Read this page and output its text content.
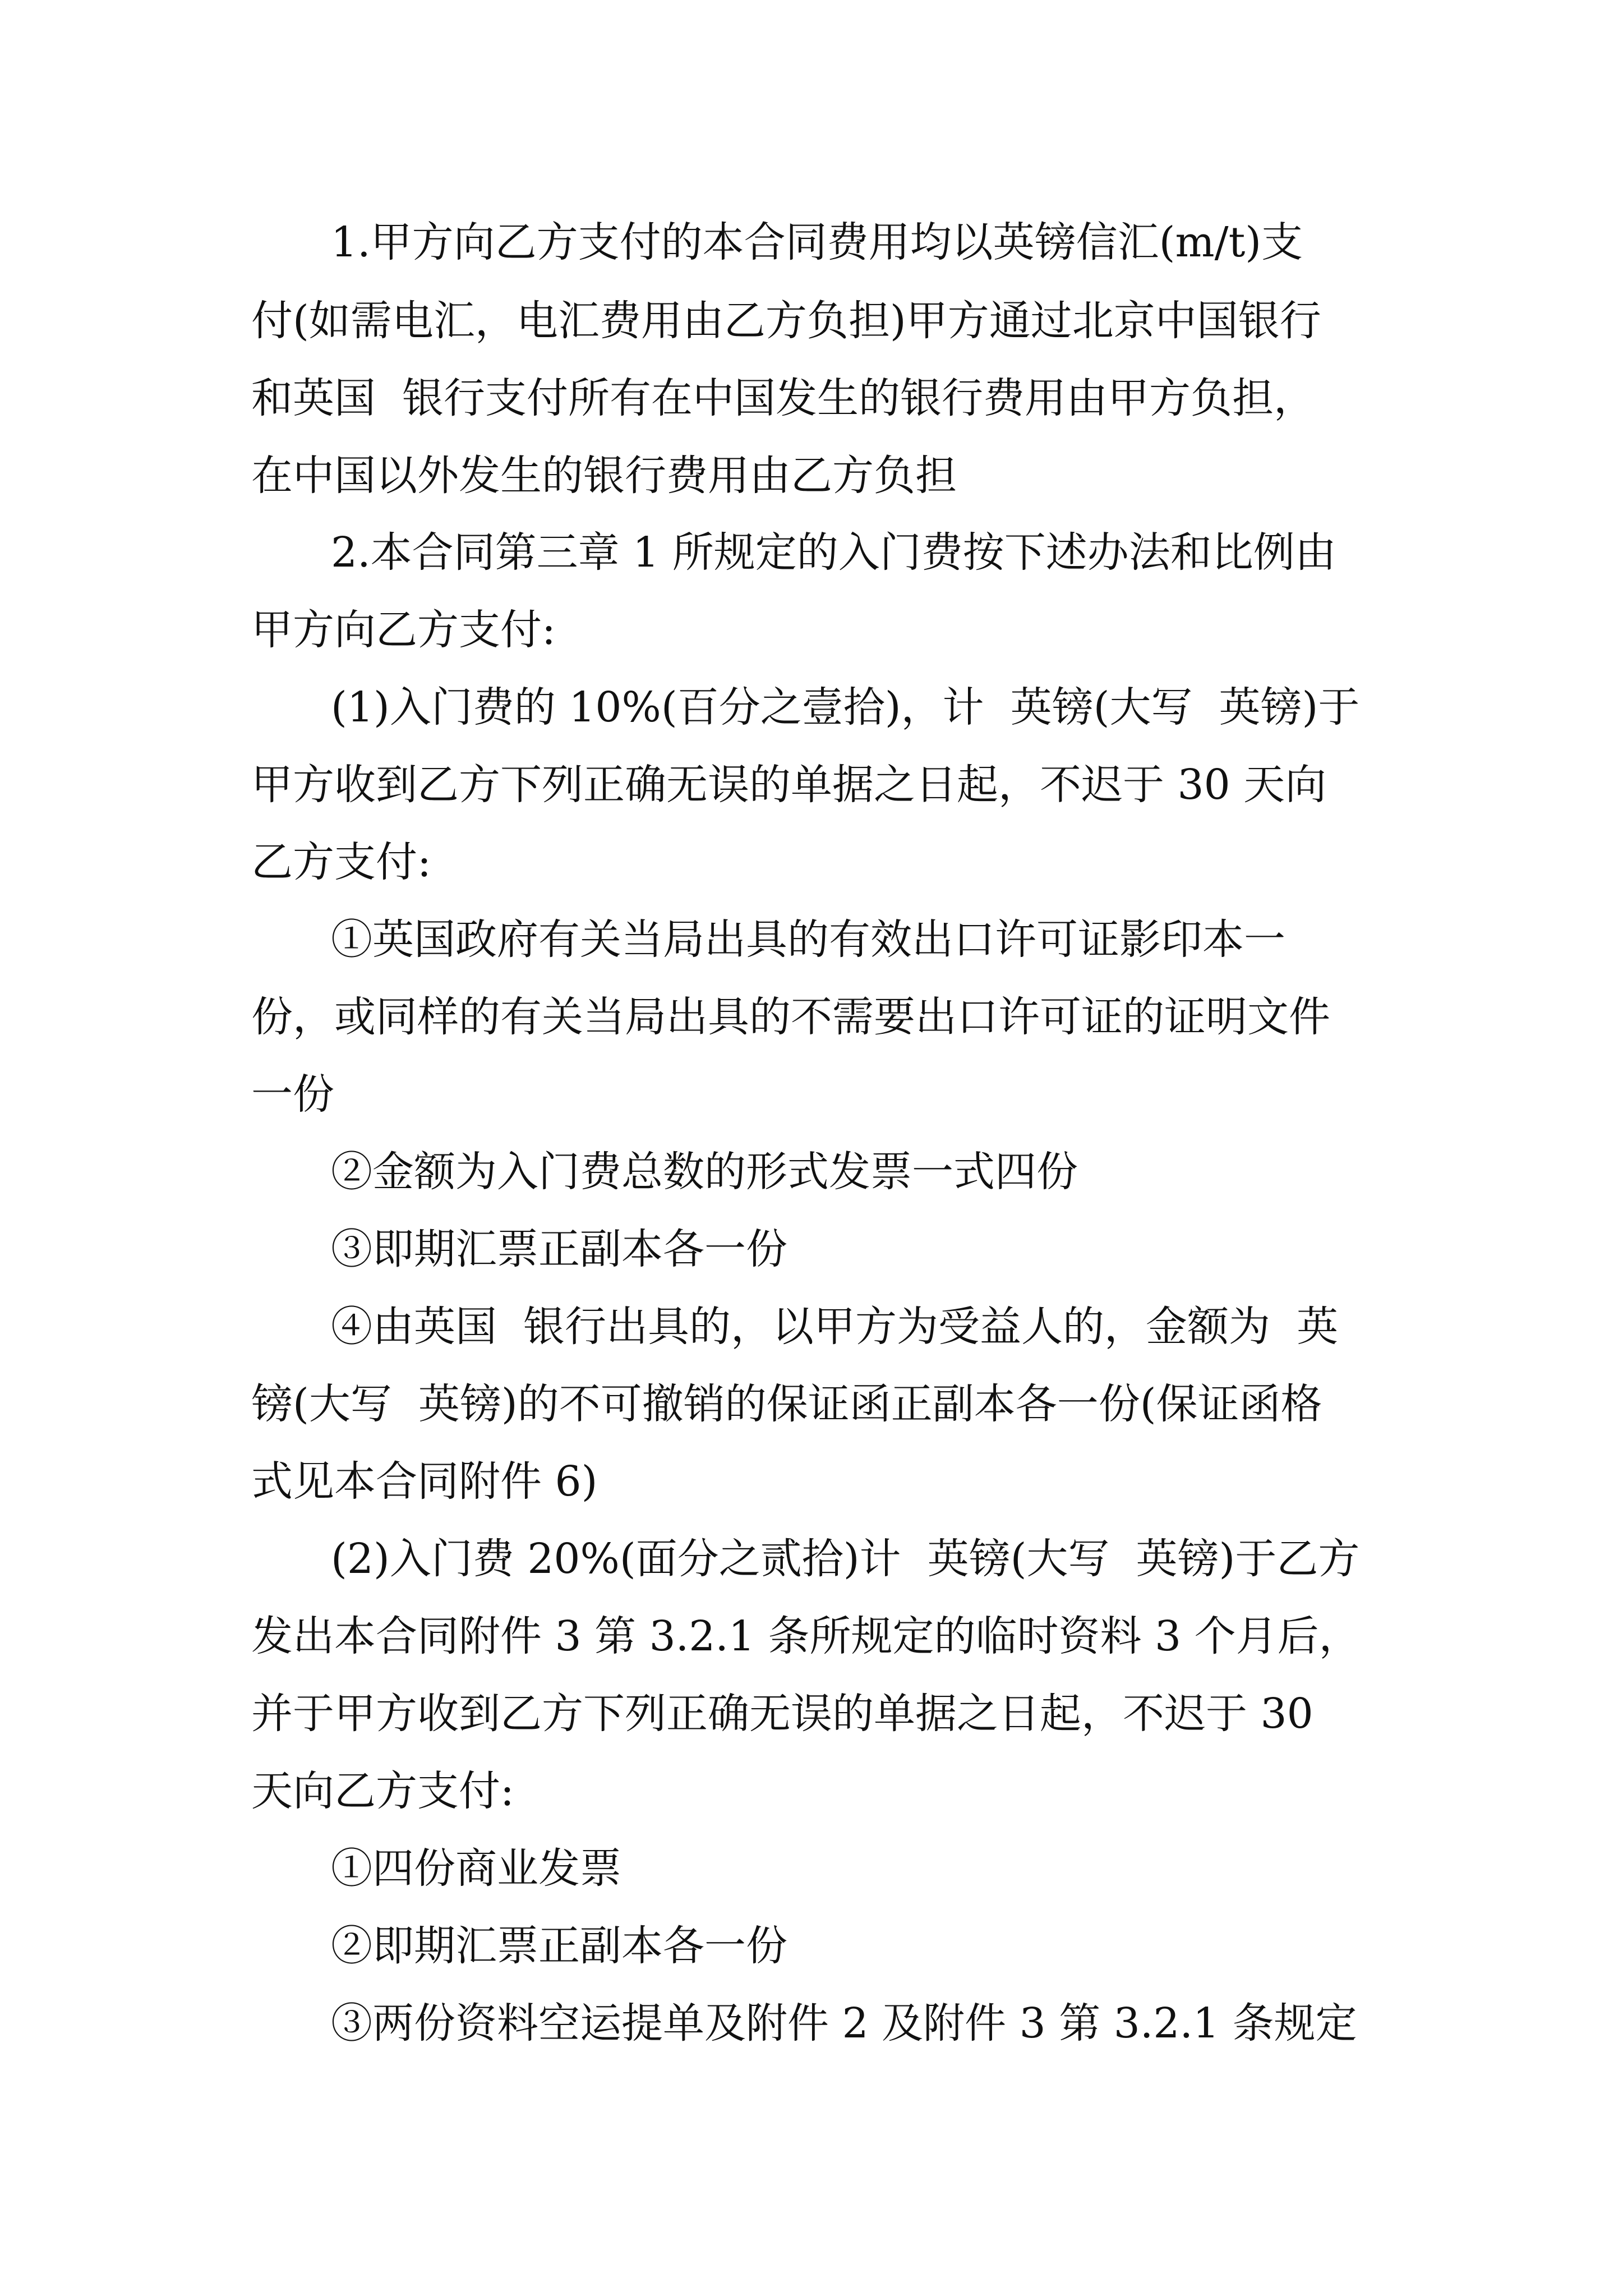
1.甲方向乙方支付的本合同费用均以英镑信汇(m/t)支
付(如需电汇，电汇费用由乙方负担)甲方通过北京中国银行
和英国  银行支付所有在中国发生的银行费用由甲方负担，
在中国以外发生的银行费用由乙方负担
2.本合同第三章 1 所规定的入门费按下述办法和比例由
甲方向乙方支付:
(1)入门费的 10%(百分之壹拾)，计  英镑(大写  英镑)于
甲方收到乙方下列正确无误的单据之日起，不迟于 30 天向
乙方支付:
①英国政府有关当局出具的有效出口许可证影印本一
份，或同样的有关当局出具的不需要出口许可证的证明文件
一份
②金额为入门费总数的形式发票一式四份
③即期汇票正副本各一份
④由英国  银行出具的，以甲方为受益人的，金额为  英
镑(大写  英镑)的不可撤销的保证函正副本各一份(保证函格
式见本合同附件 6)
(2)入门费 20%(面分之贰拾)计  英镑(大写  英镑)于乙方
发出本合同附件 3 第 3.2.1 条所规定的临时资料 3 个月后，
并于甲方收到乙方下列正确无误的单据之日起，不迟于 30
天向乙方支付:
①四份商业发票
②即期汇票正副本各一份
③两份资料空运提单及附件 2 及附件 3 第 3.2.1 条规定
